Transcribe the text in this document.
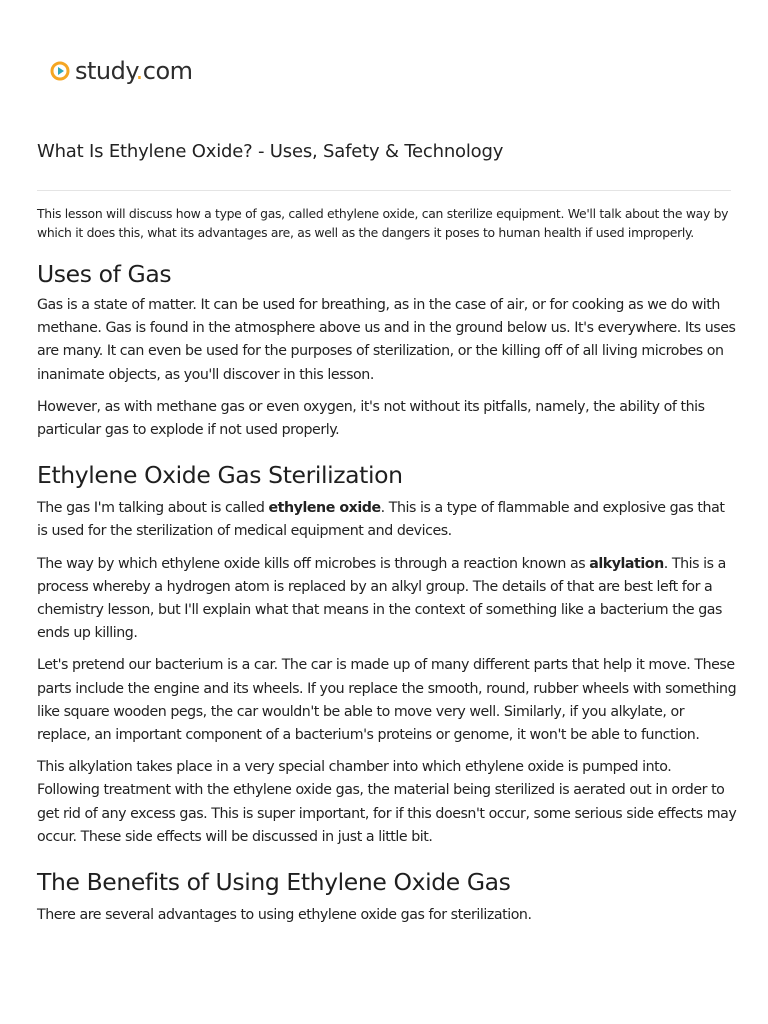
study.com
What Is Ethylene Oxide? - Uses, Safety & Technology

This lesson will discuss how a type of gas, called ethylene oxide, can sterilize equipment. We'll talk about the way by which it does this, what its advantages are, as well as the dangers it poses to human health if used improperly.

Uses of Gas

Gas is a state of matter. It can be used for breathing, as in the case of air, or for cooking as we do with methane. Gas is found in the atmosphere above us and in the ground below us. It's everywhere. Its uses are many. It can even be used for the purposes of sterilization, or the killing off of all living microbes on inanimate objects, as you'll discover in this lesson.

However, as with methane gas or even oxygen, it's not without its pitfalls, namely, the ability of this particular gas to explode if not used properly.

Ethylene Oxide Gas Sterilization

The gas I'm talking about is called ethylene oxide. This is a type of flammable and explosive gas that is used for the sterilization of medical equipment and devices.

The way by which ethylene oxide kills off microbes is through a reaction known as alkylation. This is a process whereby a hydrogen atom is replaced by an alkyl group. The details of that are best left for a chemistry lesson, but I'll explain what that means in the context of something like a bacterium the gas ends up killing.

Let's pretend our bacterium is a car. The car is made up of many different parts that help it move. These parts include the engine and its wheels. If you replace the smooth, round, rubber wheels with something like square wooden pegs, the car wouldn't be able to move very well. Similarly, if you alkylate, or replace, an important component of a bacterium's proteins or genome, it won't be able to function.

This alkylation takes place in a very special chamber into which ethylene oxide is pumped into. Following treatment with the ethylene oxide gas, the material being sterilized is aerated out in order to get rid of any excess gas. This is super important, for if this doesn't occur, some serious side effects may occur. These side effects will be discussed in just a little bit.

The Benefits of Using Ethylene Oxide Gas

There are several advantages to using ethylene oxide gas for sterilization.
